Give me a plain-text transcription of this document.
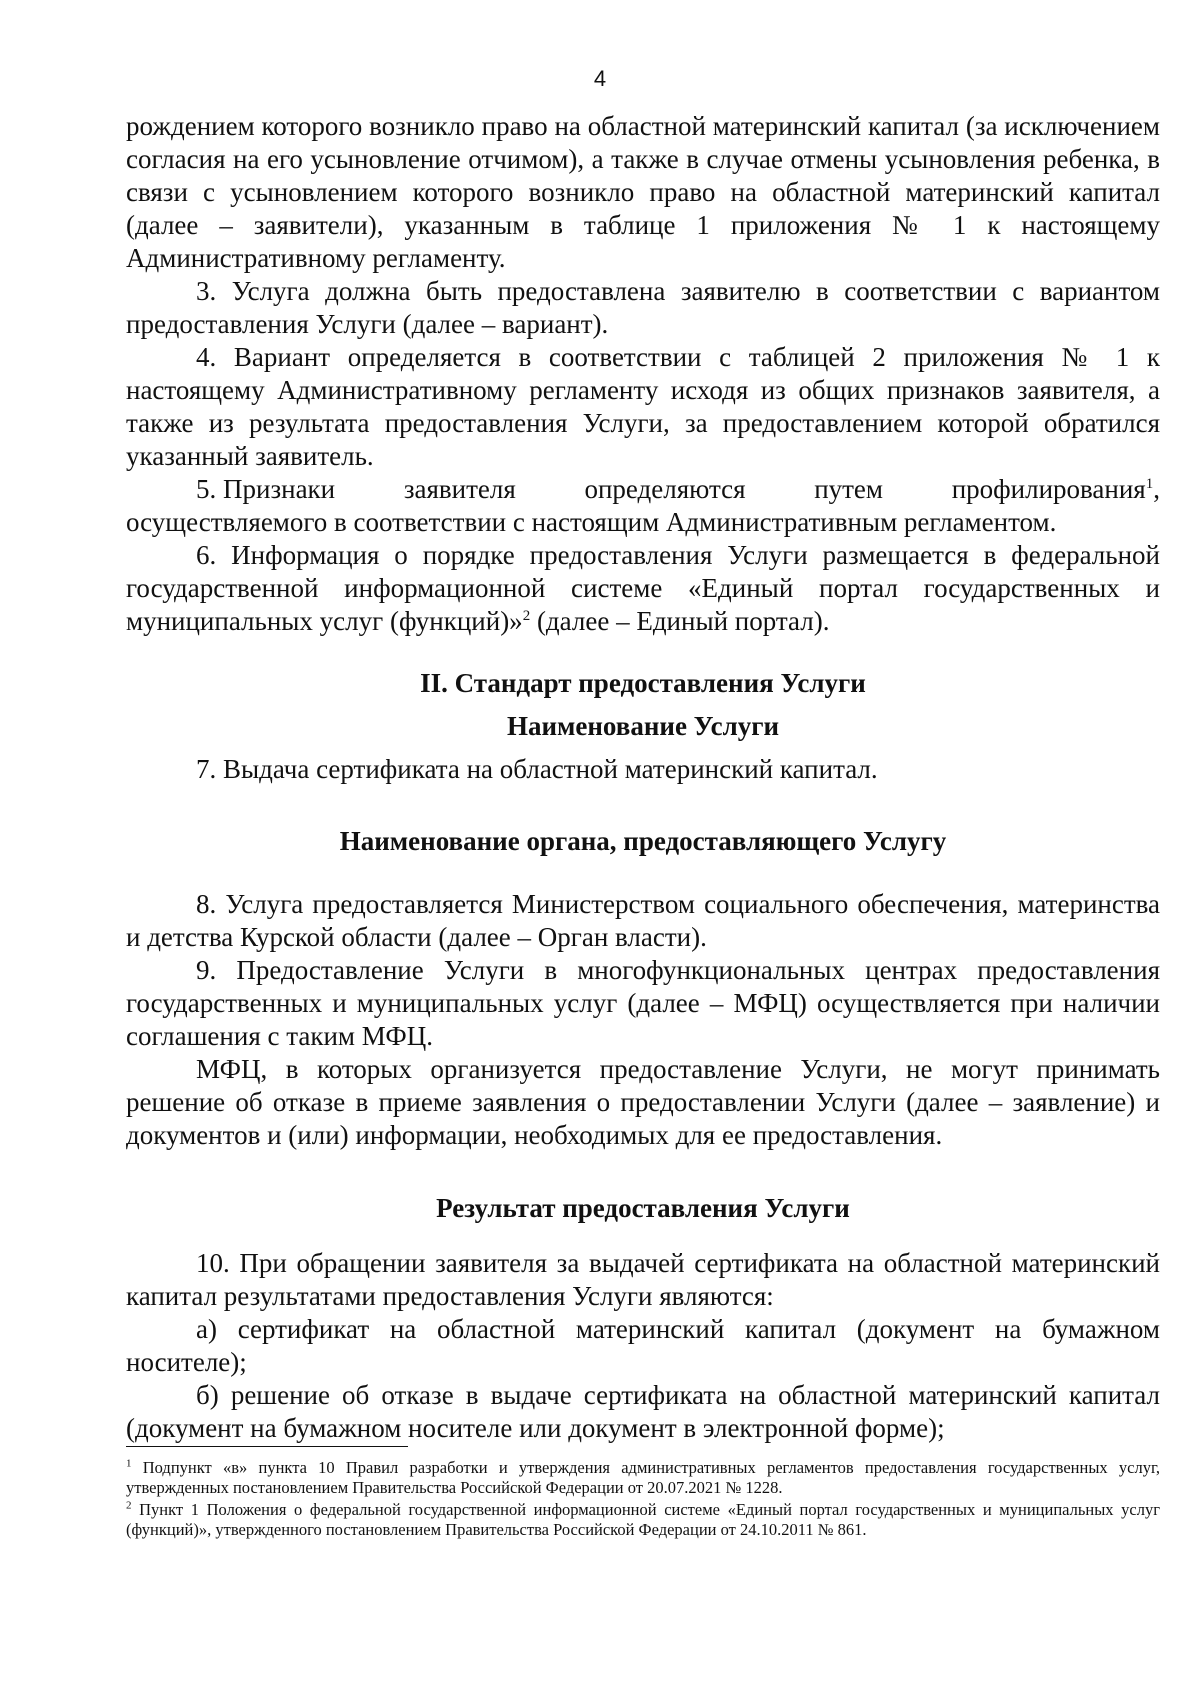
4

рождением которого возникло право на областной материнский капитал (за исключением согласия на его усыновление отчимом), а также в случае отмены усыновления ребенка, в связи с усыновлением которого возникло право на областной материнский капитал (далее – заявители), указанным в таблице 1 приложения № 1 к настоящему Административному регламенту.

3. Услуга должна быть предоставлена заявителю в соответствии с вариантом предоставления Услуги (далее – вариант).

4. Вариант определяется в соответствии с таблицей 2 приложения № 1 к настоящему Административному регламенту исходя из общих признаков заявителя, а также из результата предоставления Услуги, за предоставлением которой обратился указанный заявитель.

5. Признаки	заявителя	определяются	путем	профилирования$^1$,

осуществляемого в соответствии с настоящим Административным регламентом.

6. Информация о порядке предоставления Услуги размещается в федеральной государственной информационной системе «Единый портал государственных и муниципальных услуг (функций)»$^2$ (далее – Единый портал).

II. Стандарт предоставления Услуги

Наименование Услуги

7. Выдача сертификата на областной материнский капитал.

Наименование органа, предоставляющего Услугу

8. Услуга предоставляется Министерством социального обеспечения, материнства и детства Курской области (далее – Орган власти).

9. Предоставление Услуги в многофункциональных центрах предоставления государственных и муниципальных услуг (далее – МФЦ) осуществляется при наличии соглашения с таким МФЦ.

МФЦ, в которых организуется предоставление Услуги, не могут принимать решение об отказе в приеме заявления о предоставлении Услуги (далее – заявление) и документов и (или) информации, необходимых для ее предоставления.

Результат предоставления Услуги

10. При обращении заявителя за выдачей сертификата на областной материнский капитал результатами предоставления Услуги являются:

а) сертификат на областной материнский капитал (документ на бумажном носителе);

б) решение об отказе в выдаче сертификата на областной материнский капитал (документ на бумажном носителе или документ в электронной форме);

$^1$ Подпункт «в» пункта 10 Правил разработки и утверждения административных регламентов предоставления государственных услуг, утвержденных постановлением Правительства Российской Федерации от 20.07.2021 № 1228.

$^2$ Пункт 1 Положения о федеральной государственной информационной системе «Единый портал государственных и муниципальных услуг (функций)», утвержденного постановлением Правительства Российской Федерации от 24.10.2011 № 861.
